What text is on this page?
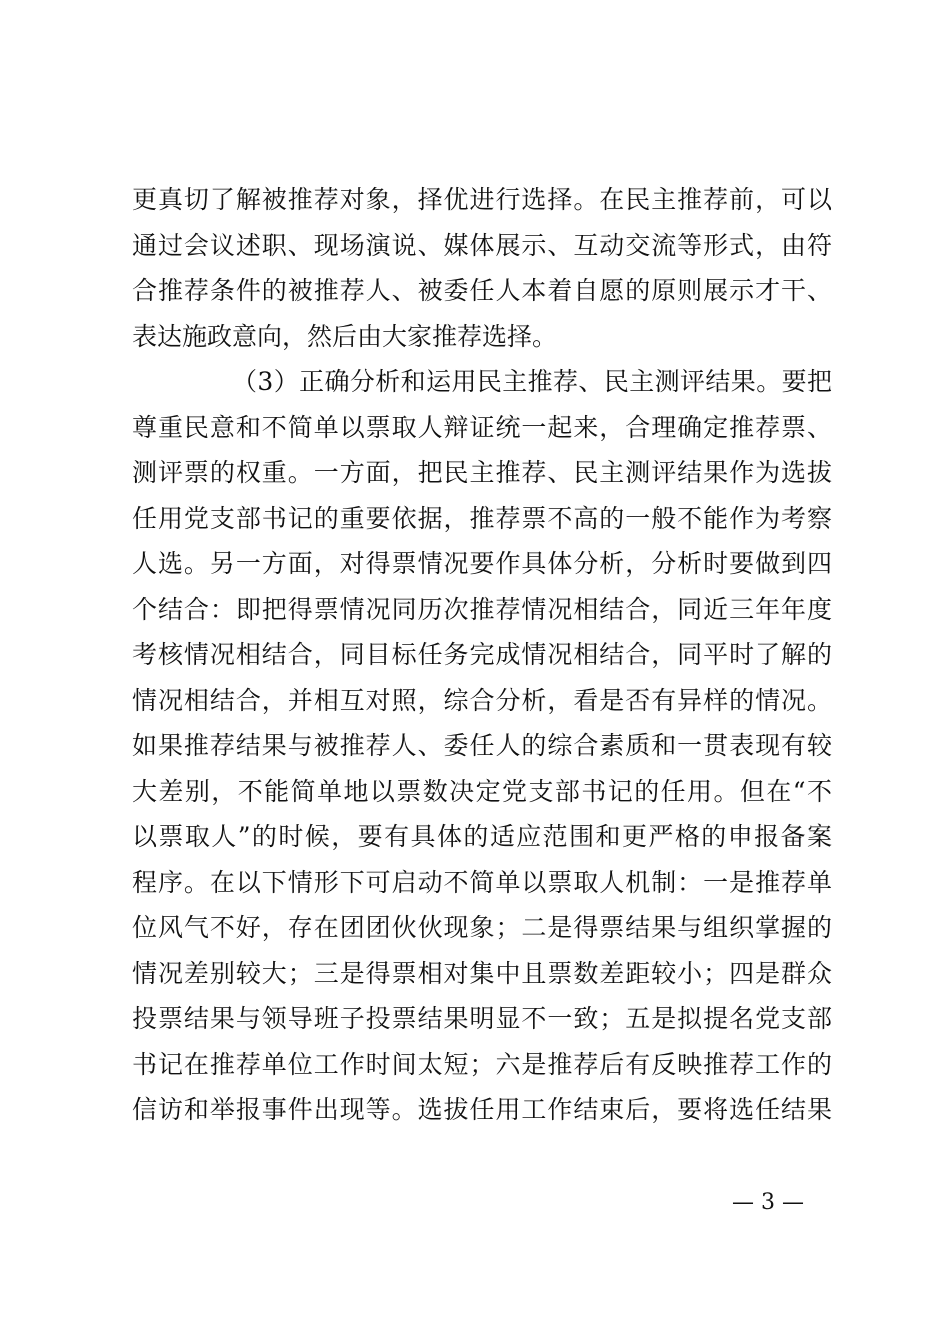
更真切了解被推荐对象，择优进行选择。在民主推荐前，可以
通过会议述职、现场演说、媒体展示、互动交流等形式，由符
合推荐条件的被推荐人、被委任人本着自愿的原则展示才干、
表达施政意向，然后由大家推荐选择。
（3）正确分析和运用民主推荐、民主测评结果。要把
尊重民意和不简单以票取人辩证统一起来，合理确定推荐票、
测评票的权重。一方面，把民主推荐、民主测评结果作为选拔
任用党支部书记的重要依据，推荐票不高的一般不能作为考察
人选。另一方面，对得票情况要作具体分析，分析时要做到四
个结合：即把得票情况同历次推荐情况相结合，同近三年年度
考核情况相结合，同目标任务完成情况相结合，同平时了解的
情况相结合，并相互对照，综合分析，看是否有异样的情况。
如果推荐结果与被推荐人、委任人的综合素质和一贯表现有较
大差别，不能简单地以票数决定党支部书记的任用。但在“不
以票取人”的时候，要有具体的适应范围和更严格的申报备案
程序。在以下情形下可启动不简单以票取人机制：一是推荐单
位风气不好，存在团团伙伙现象；二是得票结果与组织掌握的
情况差别较大；三是得票相对集中且票数差距较小；四是群众
投票结果与领导班子投票结果明显不一致；五是拟提名党支部
书记在推荐单位工作时间太短；六是推荐后有反映推荐工作的
信访和举报事件出现等。选拔任用工作结束后，要将选任结果
— 3 —
